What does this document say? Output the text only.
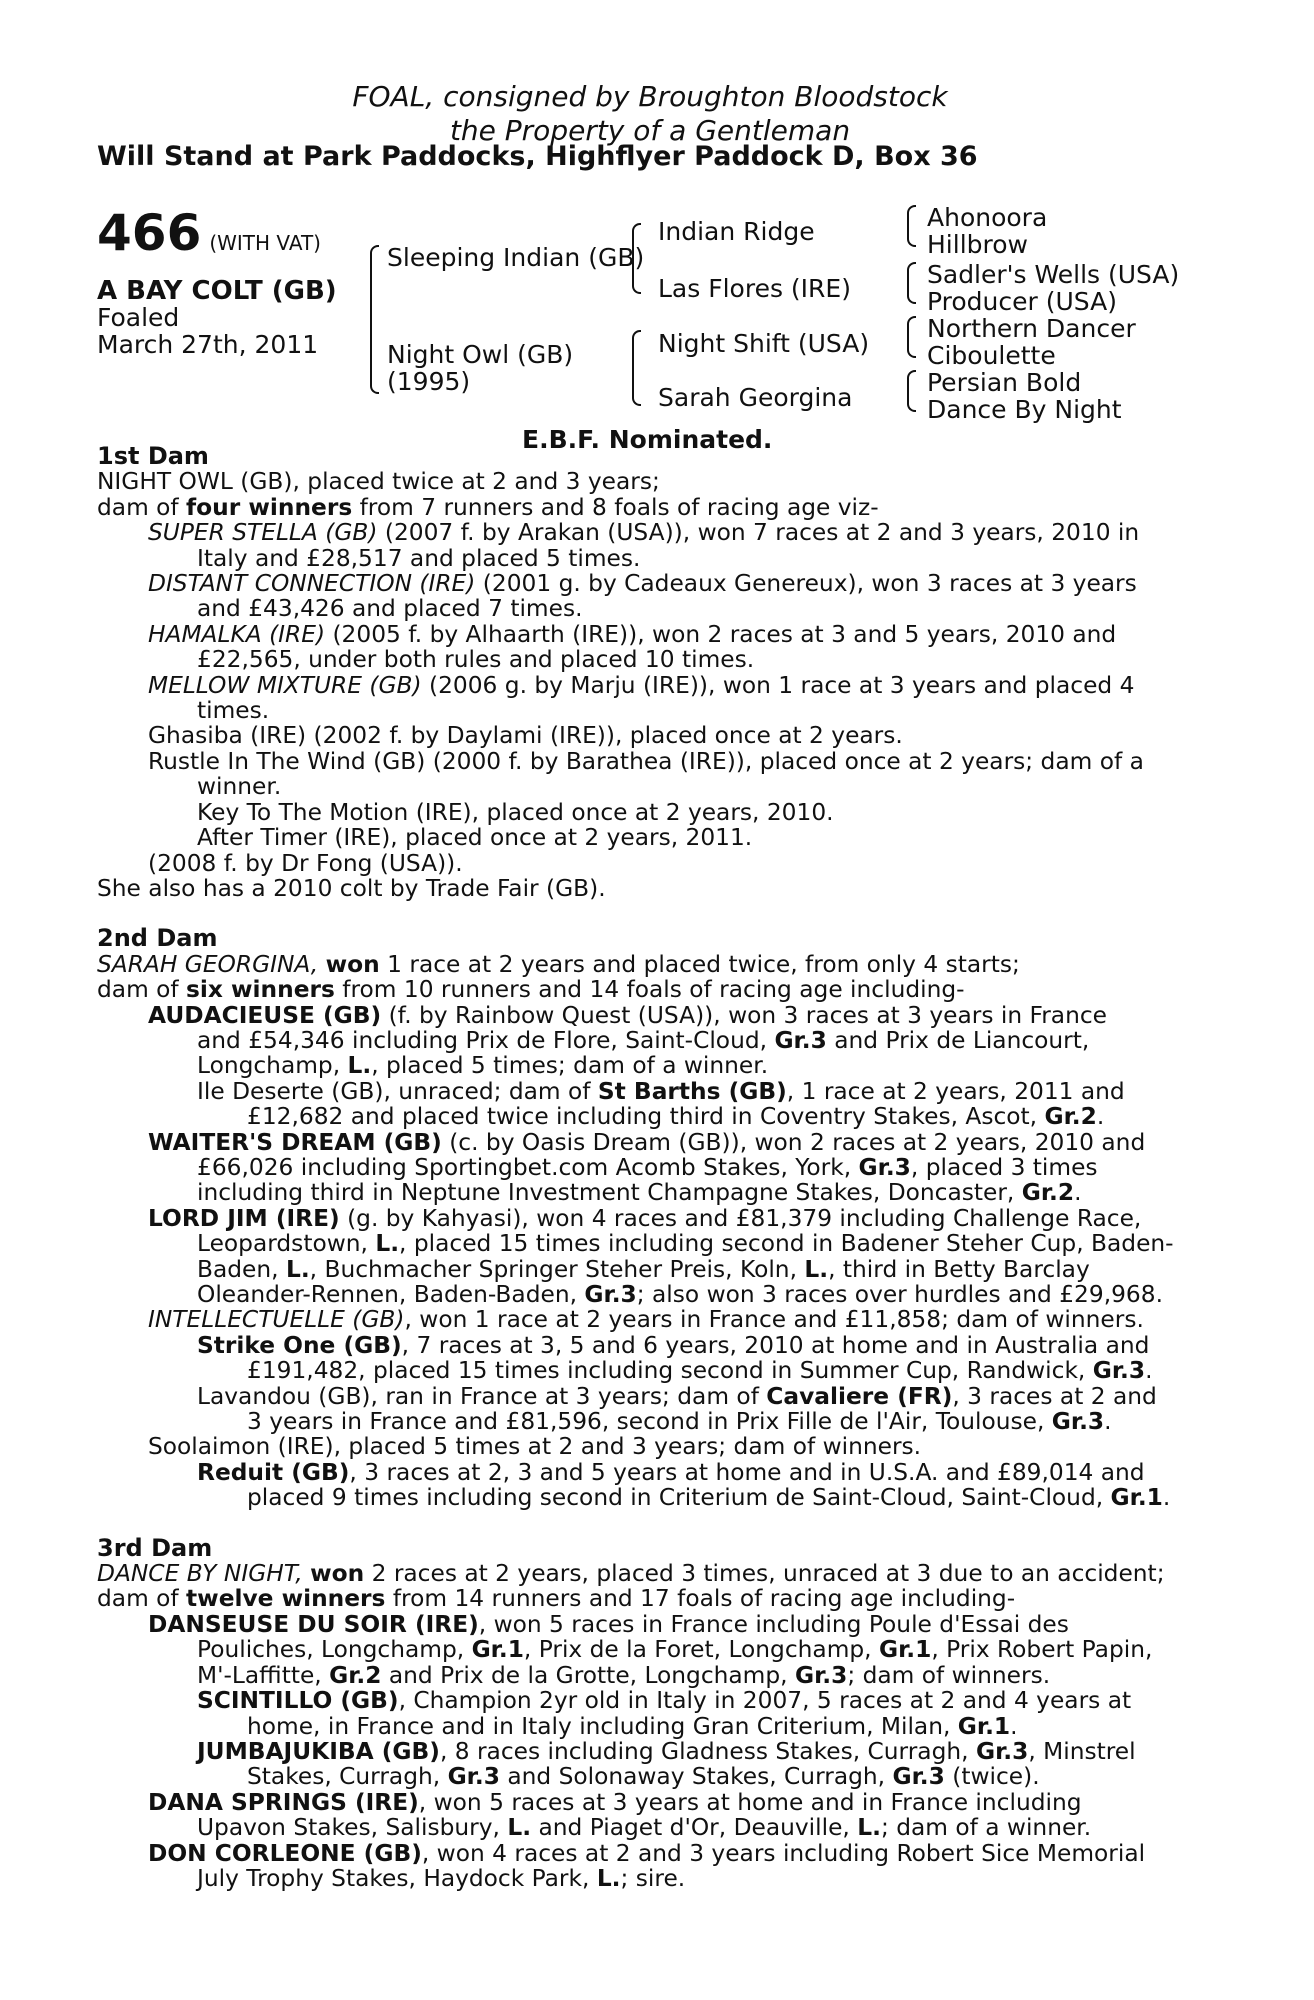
FOAL, consigned by Broughton Bloodstock
the Property of a Gentleman
Will Stand at Park Paddocks, Highflyer Paddock D, Box 36
466 (WITH VAT)
A BAY COLT (GB)
Foaled
March 27th, 2011
Sleeping Indian (GB)
Night Owl (GB)
(1995)
Indian Ridge
Las Flores (IRE)
Night Shift (USA)
Sarah Georgina
Ahonoora
Hillbrow
Sadler's Wells (USA)
Producer (USA)
Northern Dancer
Ciboulette
Persian Bold
Dance By Night
E.B.F. Nominated.
1st Dam
NIGHT OWL (GB), placed twice at 2 and 3 years;
dam of four winners from 7 runners and 8 foals of racing age viz-
SUPER STELLA (GB) (2007 f. by Arakan (USA)), won 7 races at 2 and 3 years, 2010 in
Italy and £28,517 and placed 5 times.
DISTANT CONNECTION (IRE) (2001 g. by Cadeaux Genereux), won 3 races at 3 years
and £43,426 and placed 7 times.
HAMALKA (IRE) (2005 f. by Alhaarth (IRE)), won 2 races at 3 and 5 years, 2010 and
£22,565, under both rules and placed 10 times.
MELLOW MIXTURE (GB) (2006 g. by Marju (IRE)), won 1 race at 3 years and placed 4
times.
Ghasiba (IRE) (2002 f. by Daylami (IRE)), placed once at 2 years.
Rustle In The Wind (GB) (2000 f. by Barathea (IRE)), placed once at 2 years; dam of a
winner.
Key To The Motion (IRE), placed once at 2 years, 2010.
After Timer (IRE), placed once at 2 years, 2011.
(2008 f. by Dr Fong (USA)).
She also has a 2010 colt by Trade Fair (GB).
2nd Dam
SARAH GEORGINA, won 1 race at 2 years and placed twice, from only 4 starts;
dam of six winners from 10 runners and 14 foals of racing age including-
AUDACIEUSE (GB) (f. by Rainbow Quest (USA)), won 3 races at 3 years in France
and £54,346 including Prix de Flore, Saint-Cloud, Gr.3 and Prix de Liancourt,
Longchamp, L., placed 5 times; dam of a winner.
Ile Deserte (GB), unraced; dam of St Barths (GB), 1 race at 2 years, 2011 and
£12,682 and placed twice including third in Coventry Stakes, Ascot, Gr.2.
WAITER'S DREAM (GB) (c. by Oasis Dream (GB)), won 2 races at 2 years, 2010 and
£66,026 including Sportingbet.com Acomb Stakes, York, Gr.3, placed 3 times
including third in Neptune Investment Champagne Stakes, Doncaster, Gr.2.
LORD JIM (IRE) (g. by Kahyasi), won 4 races and £81,379 including Challenge Race,
Leopardstown, L., placed 15 times including second in Badener Steher Cup, Baden-
Baden, L., Buchmacher Springer Steher Preis, Koln, L., third in Betty Barclay
Oleander-Rennen, Baden-Baden, Gr.3; also won 3 races over hurdles and £29,968.
INTELLECTUELLE (GB), won 1 race at 2 years in France and £11,858; dam of winners.
Strike One (GB), 7 races at 3, 5 and 6 years, 2010 at home and in Australia and
£191,482, placed 15 times including second in Summer Cup, Randwick, Gr.3.
Lavandou (GB), ran in France at 3 years; dam of Cavaliere (FR), 3 races at 2 and
3 years in France and £81,596, second in Prix Fille de l'Air, Toulouse, Gr.3.
Soolaimon (IRE), placed 5 times at 2 and 3 years; dam of winners.
Reduit (GB), 3 races at 2, 3 and 5 years at home and in U.S.A. and £89,014 and
placed 9 times including second in Criterium de Saint-Cloud, Saint-Cloud, Gr.1.
3rd Dam
DANCE BY NIGHT, won 2 races at 2 years, placed 3 times, unraced at 3 due to an accident;
dam of twelve winners from 14 runners and 17 foals of racing age including-
DANSEUSE DU SOIR (IRE), won 5 races in France including Poule d'Essai des
Pouliches, Longchamp, Gr.1, Prix de la Foret, Longchamp, Gr.1, Prix Robert Papin,
M'-Laffitte, Gr.2 and Prix de la Grotte, Longchamp, Gr.3; dam of winners.
SCINTILLO (GB), Champion 2yr old in Italy in 2007, 5 races at 2 and 4 years at
home, in France and in Italy including Gran Criterium, Milan, Gr.1.
JUMBAJUKIBA (GB), 8 races including Gladness Stakes, Curragh, Gr.3, Minstrel
Stakes, Curragh, Gr.3 and Solonaway Stakes, Curragh, Gr.3 (twice).
DANA SPRINGS (IRE), won 5 races at 3 years at home and in France including
Upavon Stakes, Salisbury, L. and Piaget d'Or, Deauville, L.; dam of a winner.
DON CORLEONE (GB), won 4 races at 2 and 3 years including Robert Sice Memorial
July Trophy Stakes, Haydock Park, L.; sire.
